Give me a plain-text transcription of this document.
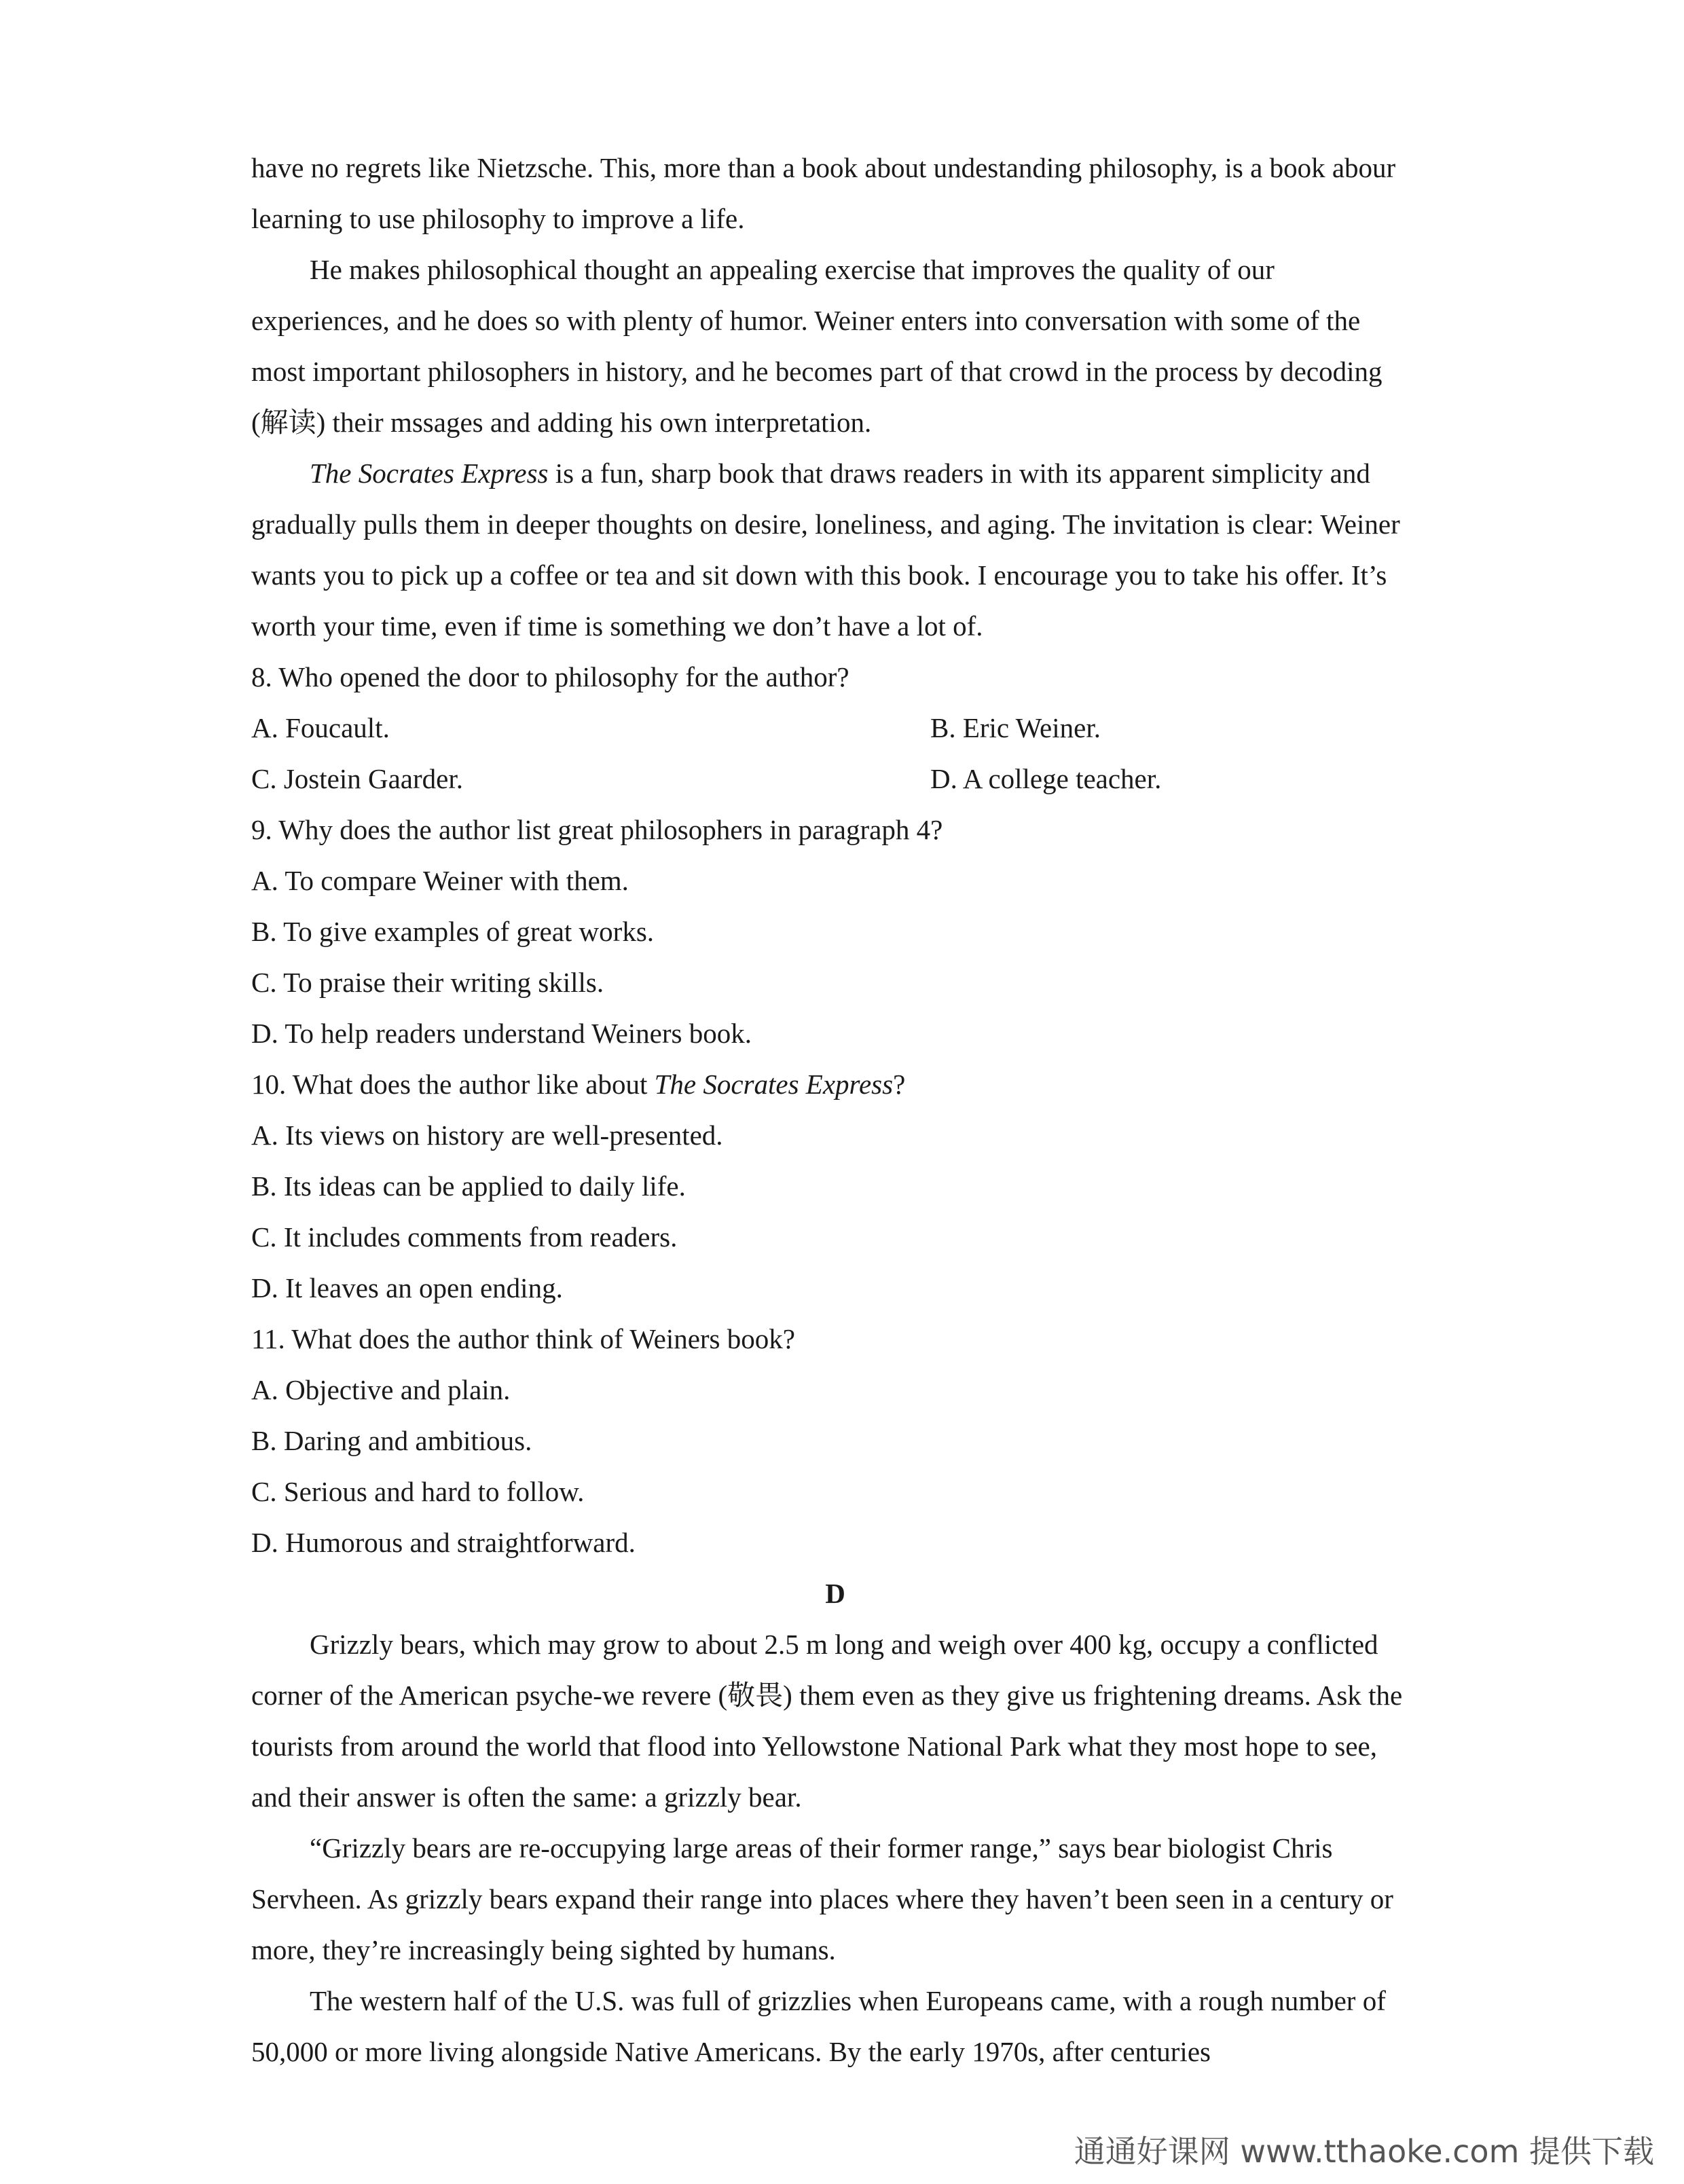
have no regrets like Nietzsche. This, more than a book about undestanding philosophy, is a book abour learning to use philosophy to improve a life.

He makes philosophical thought an appealing exercise that improves the quality of our experiences, and he does so with plenty of humor. Weiner enters into conversation with some of the most important philosophers in history, and he becomes part of that crowd in the process by decoding (解读) their mssages and adding his own interpretation.

The Socrates Express is a fun, sharp book that draws readers in with its apparent simplicity and gradually pulls them in deeper thoughts on desire, loneliness, and aging. The invitation is clear: Weiner wants you to pick up a coffee or tea and sit down with this book. I encourage you to take his offer. It’s worth your time, even if time is something we don’t have a lot of.

8. Who opened the door to philosophy for the author?

A. Foucault.	B. Eric Weiner.
C. Jostein Gaarder.	D. A college teacher.

9. Why does the author list great philosophers in paragraph 4?

A. To compare Weiner with them.

B. To give examples of great works.

C. To praise their writing skills.

D. To help readers understand Weiners book.

10. What does the author like about The Socrates Express?

A. Its views on history are well-presented.

B. Its ideas can be applied to daily life.

C. It includes comments from readers.

D. It leaves an open ending.

11. What does the author think of Weiners book?

A. Objective and plain.

B. Daring and ambitious.

C. Serious and hard to follow.

D. Humorous and straightforward.

D

Grizzly bears, which may grow to about 2.5 m long and weigh over 400 kg, occupy a conflicted corner of the American psyche-we revere (敬畏) them even as they give us frightening dreams. Ask the tourists from around the world that flood into Yellowstone National Park what they most hope to see, and their answer is often the same: a grizzly bear.

“Grizzly bears are re-occupying large areas of their former range,” says bear biologist Chris Servheen. As grizzly bears expand their range into places where they haven’t been seen in a century or more, they’re increasingly being sighted by humans.

The western half of the U.S. was full of grizzlies when Europeans came, with a rough number of 50,000 or more living alongside Native Americans. By the early 1970s, after centuries

通通好课网 www.tthaoke.com 提供下载
